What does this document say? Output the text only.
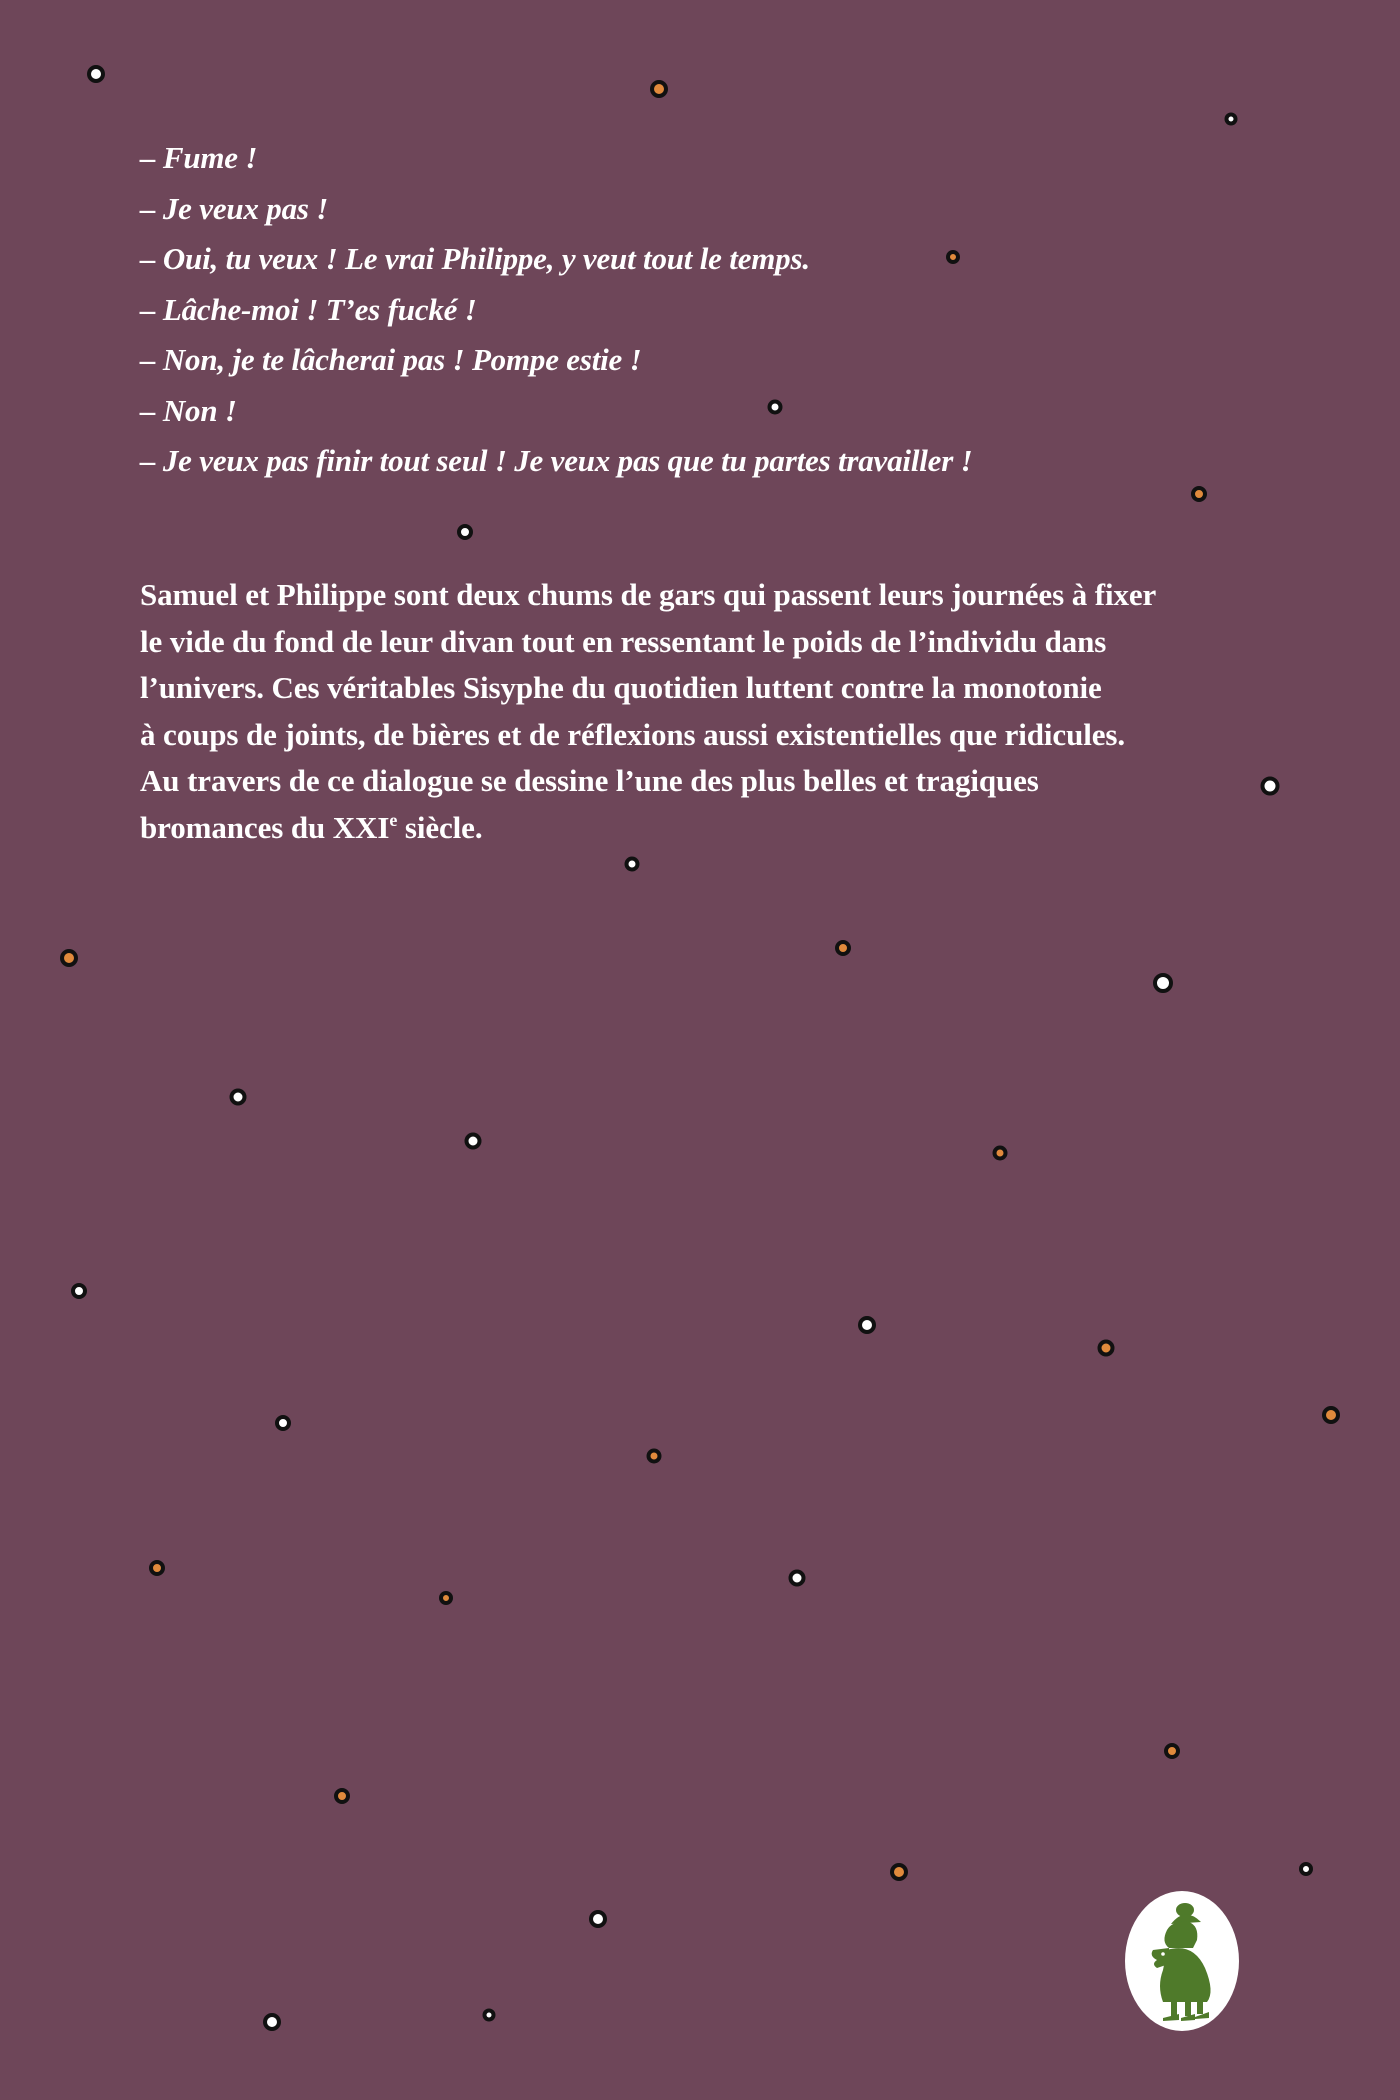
– Fume !
– Je veux pas !
– Oui, tu veux ! Le vrai Philippe, y veut tout le temps.
– Lâche-moi ! T’es fucké !
– Non, je te lâcherai pas ! Pompe estie !
– Non !
– Je veux pas finir tout seul ! Je veux pas que tu partes travailler !

Samuel et Philippe sont deux chums de gars qui passent leurs journées à fixer
le vide du fond de leur divan tout en ressentant le poids de l’individu dans
l’univers. Ces véritables Sisyphe du quotidien luttent contre la monotonie
à coups de joints, de bières et de réflexions aussi existentielles que ridicules.
Au travers de ce dialogue se dessine l’une des plus belles et tragiques
bromances du XXIe siècle.
